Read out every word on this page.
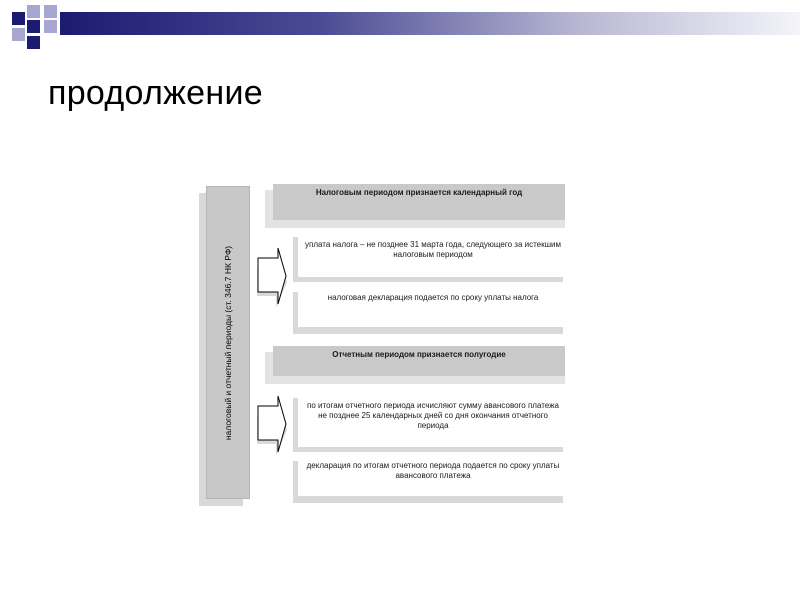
продолжение
налоговый и отчетный периоды (ст. 346.7 НК РФ)
Налоговым периодом признается календарный год
уплата налога – не позднее 31 марта года, следующего за истекшим налоговым периодом
налоговая декларация подается по сроку уплаты налога
Отчетным периодом признается полугодие
по итогам отчетного периода исчисляют сумму авансового платежа не позднее 25 календарных дней со дня окончания отчетного периода
декларация по итогам отчетного периода подается по сроку уплаты авансового платежа
